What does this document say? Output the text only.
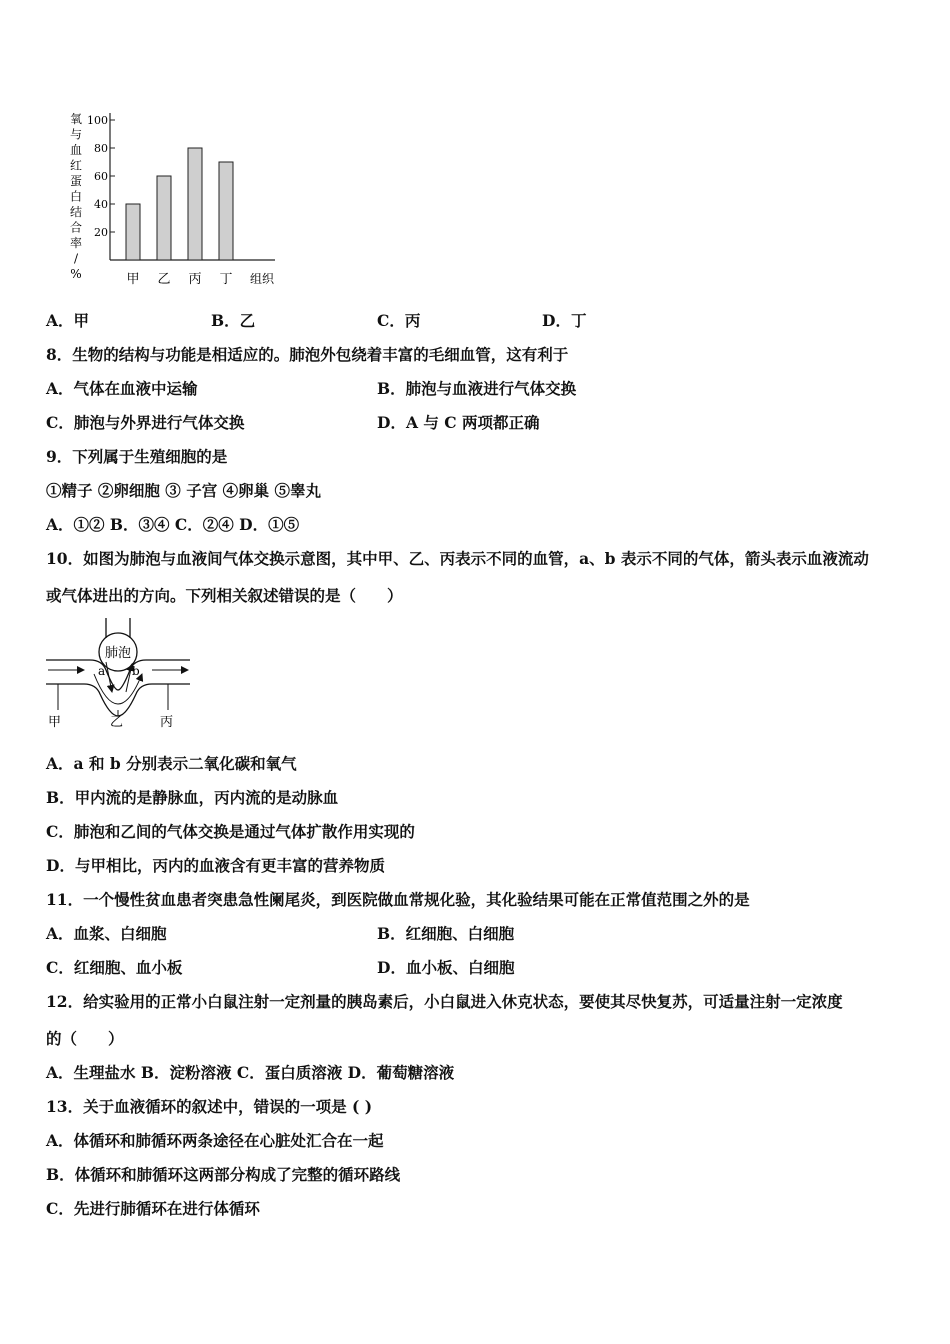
氧
与
血
红
蛋
白
结
合
率
/
%
20
40
60
80
100
甲 乙 丙 丁 组织
A．甲	B．乙	C．丙	D．丁
8．生物的结构与功能是相适应的。肺泡外包绕着丰富的毛细血管，这有利于
A．气体在血液中运输	B．肺泡与血液进行气体交换
C．肺泡与外界进行气体交换	D．A 与 C 两项都正确
9．下列属于生殖细胞的是
①精子 ②卵细胞 ③ 子宫 ④卵巢 ⑤睾丸
A．①② B．③④ C．②④ D．①⑤
10．如图为肺泡与血液间气体交换示意图，其中甲、乙、丙表示不同的血管，a、b 表示不同的气体，箭头表示血液流动
或气体进出的方向。下列相关叙述错误的是（　　）
肺泡
a b
甲	乙	丙
A．a 和 b 分别表示二氧化碳和氧气
B．甲内流的是静脉血，丙内流的是动脉血
C．肺泡和乙间的气体交换是通过气体扩散作用实现的
D．与甲相比，丙内的血液含有更丰富的营养物质
11．一个慢性贫血患者突患急性阑尾炎，到医院做血常规化验，其化验结果可能在正常值范围之外的是
A．血浆、白细胞	B．红细胞、白细胞
C．红细胞、血小板	D．血小板、白细胞
12．给实验用的正常小白鼠注射一定剂量的胰岛素后，小白鼠进入休克状态，要使其尽快复苏，可适量注射一定浓度
的（　　）
A．生理盐水 B．淀粉溶液 C．蛋白质溶液 D．葡萄糖溶液
13．关于血液循环的叙述中，错误的一项是 ( )
A．体循环和肺循环两条途径在心脏处汇合在一起
B．体循环和肺循环这两部分构成了完整的循环路线
C．先进行肺循环在进行体循环
